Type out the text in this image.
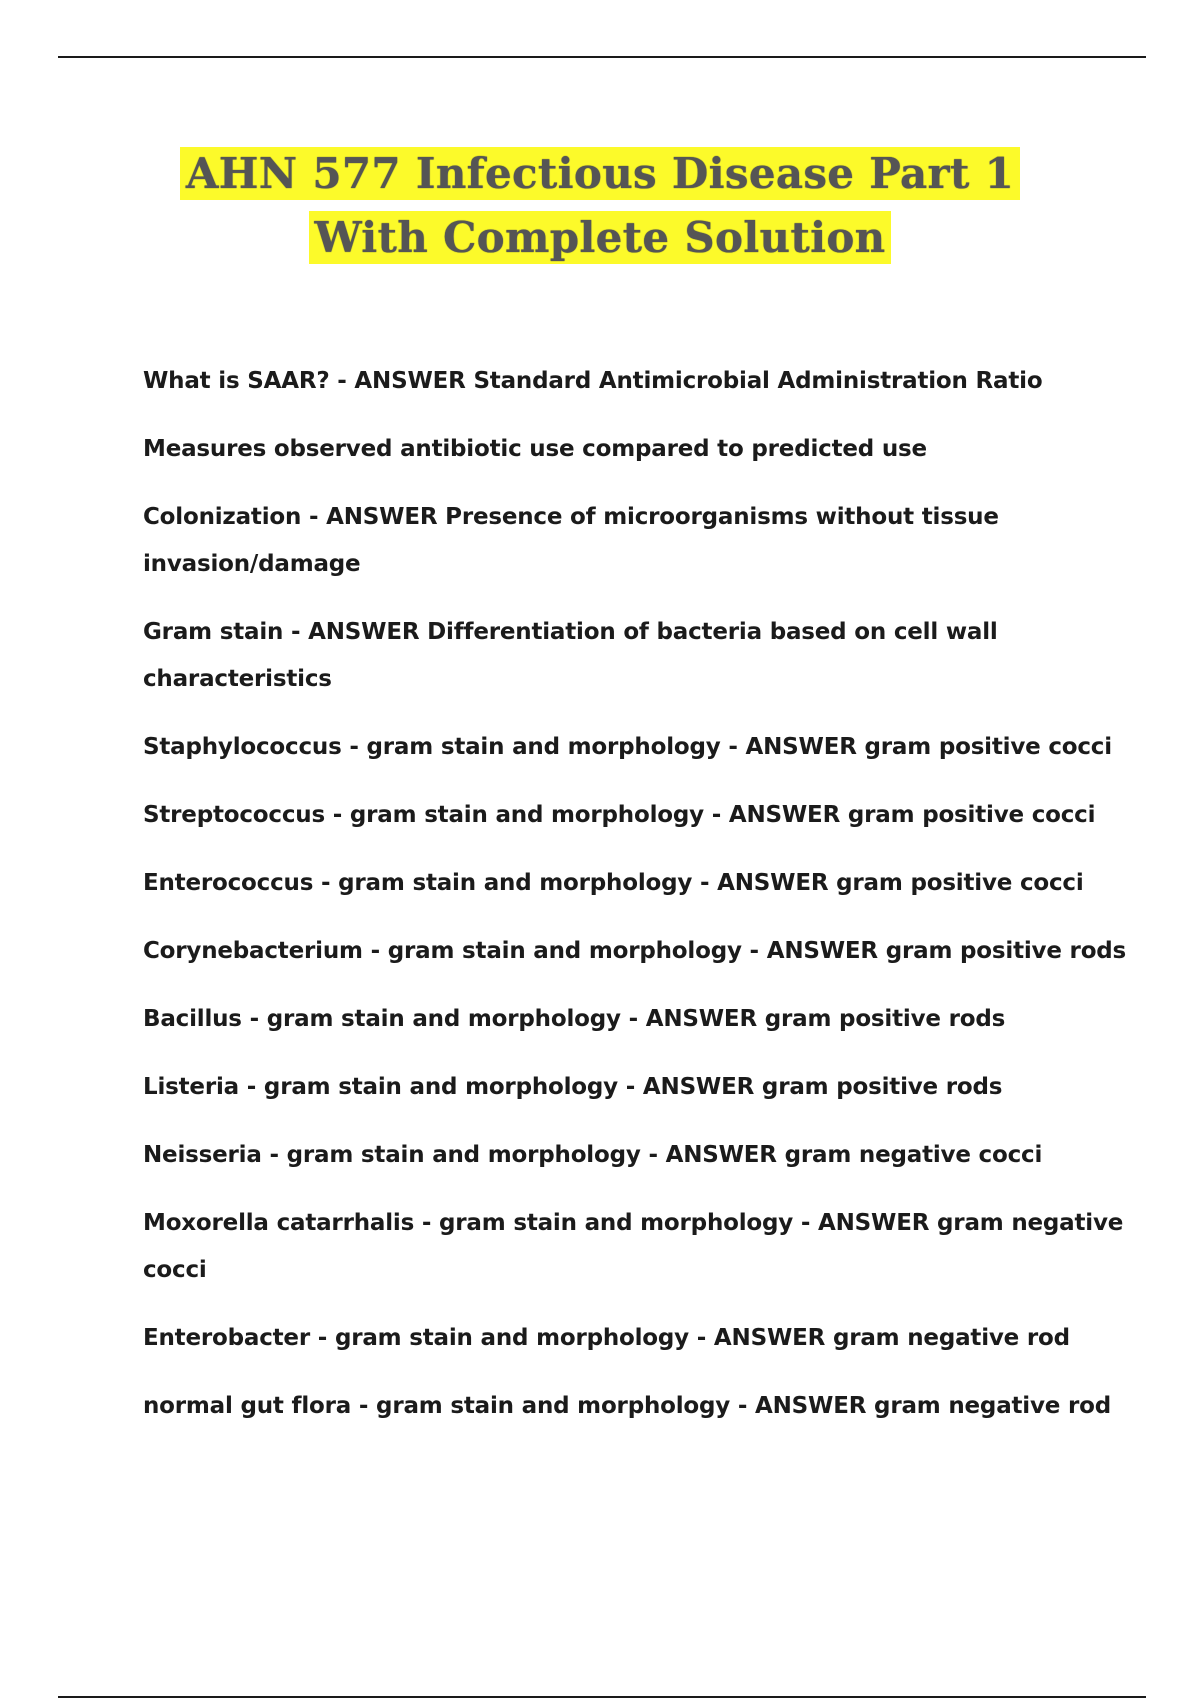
AHN 577 Infectious Disease Part 1
With Complete Solution

What is SAAR? - ANSWER Standard Antimicrobial Administration Ratio

Measures observed antibiotic use compared to predicted use

Colonization - ANSWER Presence of microorganisms without tissue invasion/damage

Gram stain - ANSWER Differentiation of bacteria based on cell wall characteristics

Staphylococcus - gram stain and morphology - ANSWER gram positive cocci

Streptococcus - gram stain and morphology - ANSWER gram positive cocci

Enterococcus - gram stain and morphology - ANSWER gram positive cocci

Corynebacterium - gram stain and morphology - ANSWER gram positive rods

Bacillus - gram stain and morphology - ANSWER gram positive rods

Listeria - gram stain and morphology - ANSWER gram positive rods

Neisseria - gram stain and morphology - ANSWER gram negative cocci

Moxorella catarrhalis - gram stain and morphology - ANSWER gram negative cocci

Enterobacter - gram stain and morphology - ANSWER gram negative rod

normal gut flora - gram stain and morphology - ANSWER gram negative rod
